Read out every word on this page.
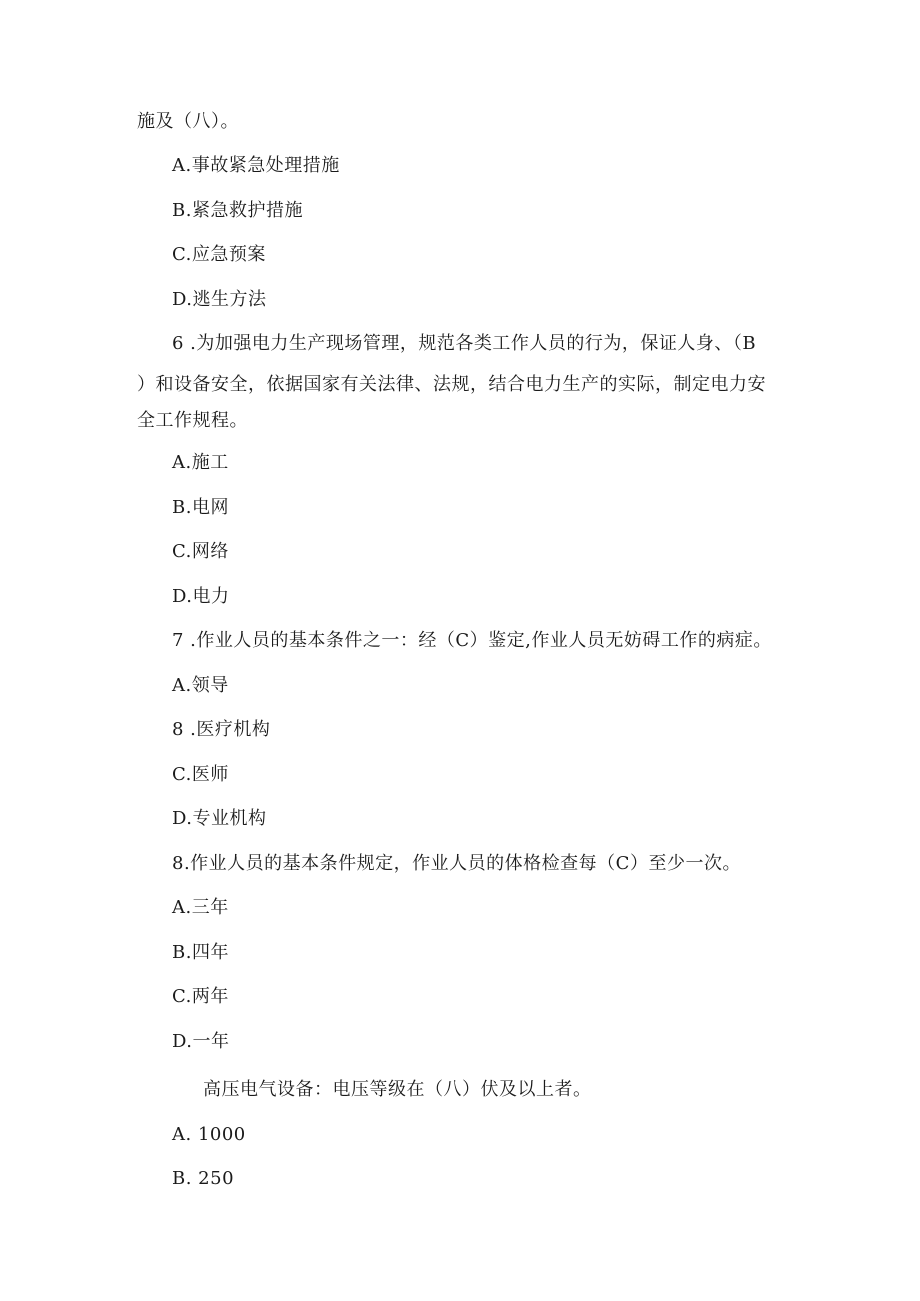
施及（八）。
A.事故紧急处理措施
B.紧急救护措施
C.应急预案
D.逃生方法
6 .为加强电力生产现场管理，规范各类工作人员的行为，保证人身、（B
）和设备安全，依据国家有关法律、法规，结合电力生产的实际，制定电力安
全工作规程。
A.施工
B.电网
C.网络
D.电力
7 .作业人员的基本条件之一：经（C）鉴定,作业人员无妨碍工作的病症。
A.领导
8 .医疗机构
C.医师
D.专业机构
8.作业人员的基本条件规定，作业人员的体格检查每（C）至少一次。
A.三年
B.四年
C.两年
D.一年
高压电气设备：电压等级在（八）伏及以上者。
A. 1000
B. 250
